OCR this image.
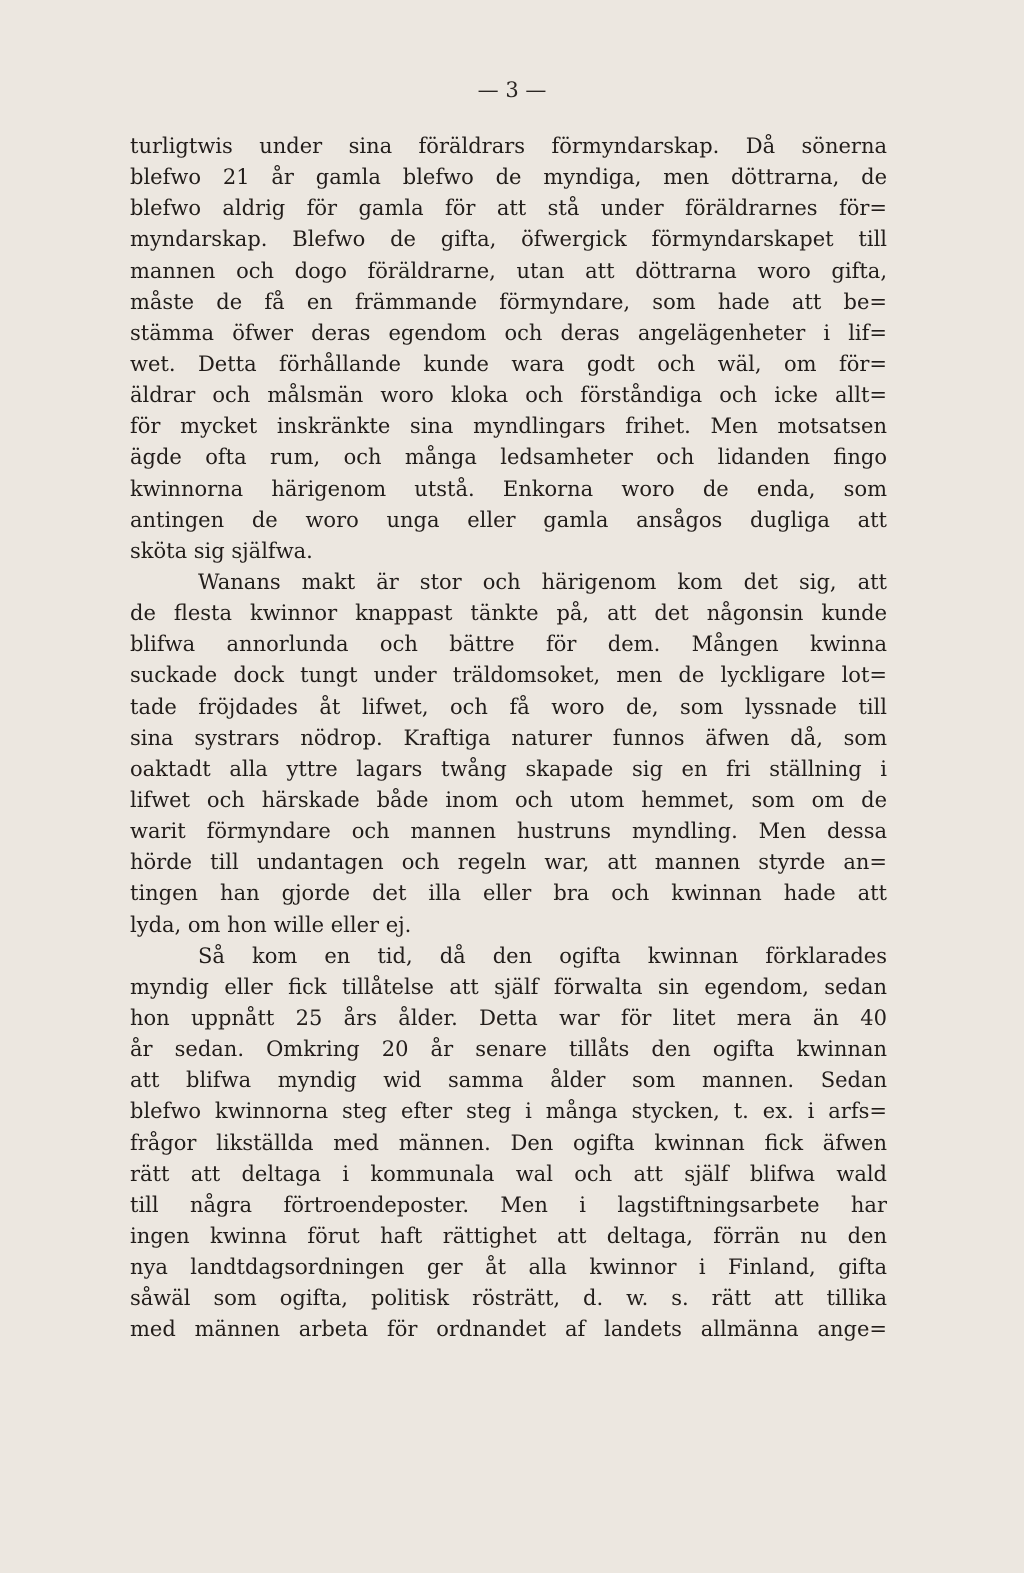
— 3 —
turligtwis under sina föräldrars förmyndarskap. Då sönerna
blefwo 21 år gamla blefwo de myndiga, men döttrarna, de
blefwo aldrig för gamla för att stå under föräldrarnes för=
myndarskap. Blefwo de gifta, öfwergick förmyndarskapet till
mannen och dogo föräldrarne, utan att döttrarna woro gifta,
måste de få en främmande förmyndare, som hade att be=
stämma öfwer deras egendom och deras angelägenheter i lif=
wet. Detta förhållande kunde wara godt och wäl, om för=
äldrar och målsmän woro kloka och förståndiga och icke allt=
för mycket inskränkte sina myndlingars frihet. Men motsatsen
ägde ofta rum, och många ledsamheter och lidanden fingo
kwinnorna härigenom utstå. Enkorna woro de enda, som
antingen de woro unga eller gamla ansågos dugliga att
sköta sig själfwa.
Wanans makt är stor och härigenom kom det sig, att
de flesta kwinnor knappast tänkte på, att det någonsin kunde
blifwa annorlunda och bättre för dem. Mången kwinna
suckade dock tungt under träldomsoket, men de lyckligare lot=
tade fröjdades åt lifwet, och få woro de, som lyssnade till
sina systrars nödrop. Kraftiga naturer funnos äfwen då, som
oaktadt alla yttre lagars twång skapade sig en fri ställning i
lifwet och härskade både inom och utom hemmet, som om de
warit förmyndare och mannen hustruns myndling. Men dessa
hörde till undantagen och regeln war, att mannen styrde an=
tingen han gjorde det illa eller bra och kwinnan hade att
lyda, om hon wille eller ej.
Så kom en tid, då den ogifta kwinnan förklarades
myndig eller fick tillåtelse att själf förwalta sin egendom, sedan
hon uppnått 25 års ålder. Detta war för litet mera än 40
år sedan. Omkring 20 år senare tillåts den ogifta kwinnan
att blifwa myndig wid samma ålder som mannen. Sedan
blefwo kwinnorna steg efter steg i många stycken, t. ex. i arfs=
frågor likställda med männen. Den ogifta kwinnan fick äfwen
rätt att deltaga i kommunala wal och att själf blifwa wald
till några förtroendeposter. Men i lagstiftningsarbete har
ingen kwinna förut haft rättighet att deltaga, förrän nu den
nya landtdagsordningen ger åt alla kwinnor i Finland, gifta
såwäl som ogifta, politisk rösträtt, d. w. s. rätt att tillika
med männen arbeta för ordnandet af landets allmänna ange=
